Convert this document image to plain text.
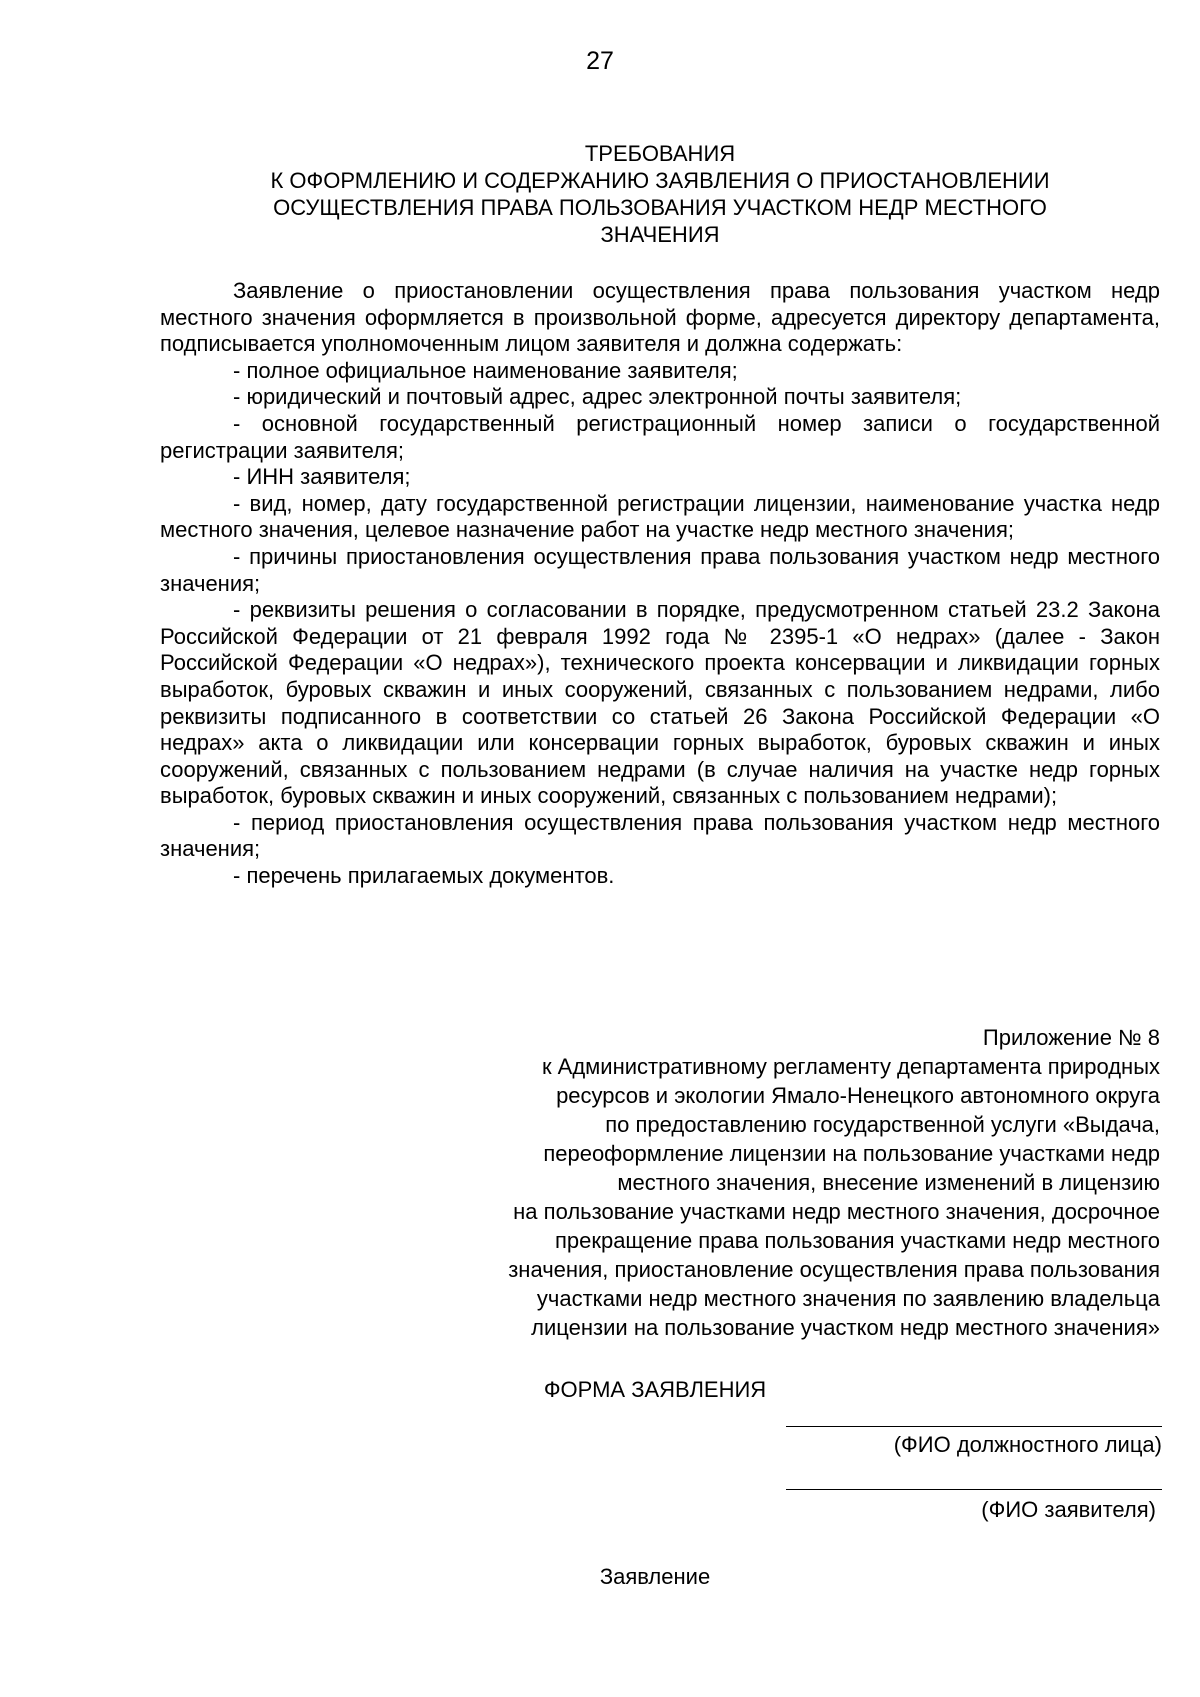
27
ТРЕБОВАНИЯ
К ОФОРМЛЕНИЮ И СОДЕРЖАНИЮ ЗАЯВЛЕНИЯ О ПРИОСТАНОВЛЕНИИ
ОСУЩЕСТВЛЕНИЯ ПРАВА ПОЛЬЗОВАНИЯ УЧАСТКОМ НЕДР МЕСТНОГО
ЗНАЧЕНИЯ

Заявление о приостановлении осуществления права пользования участком недр местного значения оформляется в произвольной форме, адресуется директору департамента, подписывается уполномоченным лицом заявителя и должна содержать:

- полное официальное наименование заявителя;

- юридический и почтовый адрес, адрес электронной почты заявителя;

- основной государственный регистрационный номер записи о государственной регистрации заявителя;

- ИНН заявителя;

- вид, номер, дату государственной регистрации лицензии, наименование участка недр местного значения, целевое назначение работ на участке недр местного значения;

- причины приостановления осуществления права пользования участком недр местного значения;

- реквизиты решения о согласовании в порядке, предусмотренном статьей 23.2 Закона Российской Федерации от 21 февраля 1992 года № 2395-1 «О недрах» (далее - Закон Российской Федерации «О недрах»), технического проекта консервации и ликвидации горных выработок, буровых скважин и иных сооружений, связанных с пользованием недрами, либо реквизиты подписанного в соответствии со статьей 26 Закона Российской Федерации «О недрах» акта о ликвидации или консервации горных выработок, буровых скважин и иных сооружений, связанных с пользованием недрами (в случае наличия на участке недр горных выработок, буровых скважин и иных сооружений, связанных с пользованием недрами);

- период приостановления осуществления права пользования участком недр местного значения;

- перечень прилагаемых документов.

Приложение № 8
к Административному регламенту департамента природных
ресурсов и экологии Ямало-Ненецкого автономного округа
по предоставлению государственной услуги «Выдача,
переоформление лицензии на пользование участками недр
местного значения, внесение изменений в лицензию
на пользование участками недр местного значения, досрочное
прекращение права пользования участками недр местного
значения, приостановление осуществления права пользования
участками недр местного значения по заявлению владельца
лицензии на пользование участком недр местного значения»
ФОРМА ЗАЯВЛЕНИЯ
(ФИО должностного лица)
(ФИО заявителя)
Заявление
